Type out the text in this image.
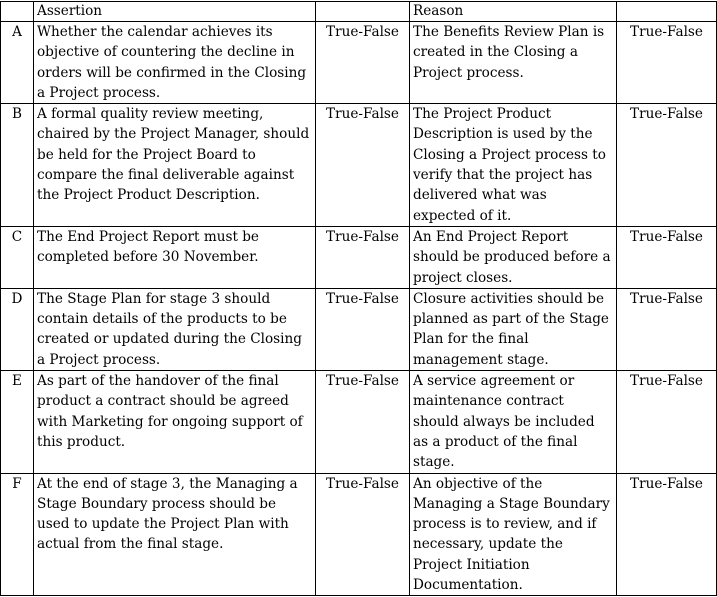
	Assertion		Reason	
A	Whether the calendar achieves its objective of countering the decline in orders will be confirmed in the Closing a Project process.	True-False	The Benefits Review Plan is created in the Closing a Project process.	True-False
B	A formal quality review meeting, chaired by the Project Manager, should be held for the Project Board to compare the final deliverable against the Project Product Description.	True-False	The Project Product Description is used by the Closing a Project process to verify that the project has delivered what was expected of it.	True-False
C	The End Project Report must be completed before 30 November.	True-False	An End Project Report should be produced before a project closes.	True-False
D	The Stage Plan for stage 3 should contain details of the products to be created or updated during the Closing a Project process.	True-False	Closure activities should be planned as part of the Stage Plan for the final management stage.	True-False
E	As part of the handover of the final product a contract should be agreed with Marketing for ongoing support of this product.	True-False	A service agreement or maintenance contract should always be included as a product of the final stage.	True-False
F	At the end of stage 3, the Managing a Stage Boundary process should be used to update the Project Plan with actual from the final stage.	True-False	An objective of the Managing a Stage Boundary process is to review, and if necessary, update the Project Initiation Documentation.	True-False
